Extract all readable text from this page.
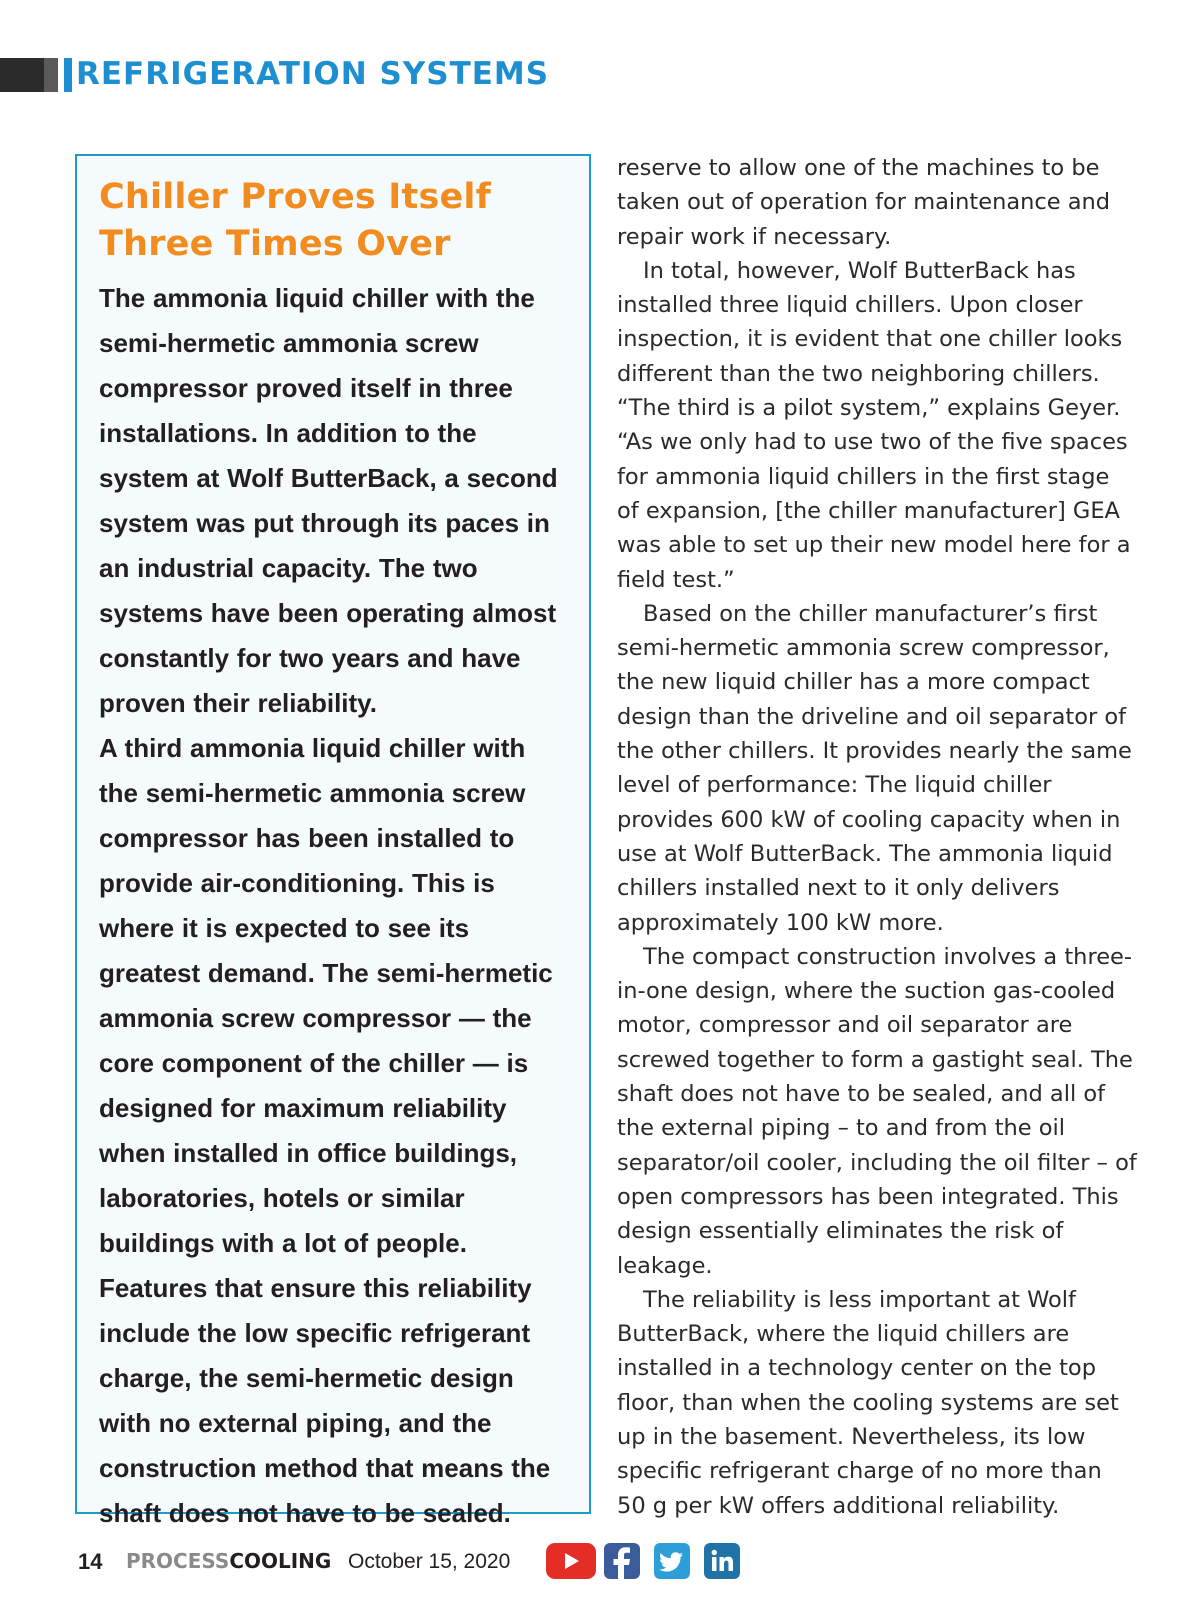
REFRIGERATION SYSTEMS
Chiller Proves Itself
Three Times Over

The ammonia liquid chiller with the semi-hermetic ammonia screw compressor proved itself in three installations. In addition to the system at Wolf ButterBack, a second system was put through its paces in an industrial capacity. The two systems have been operating almost constantly for two years and have proven their reliability.

A third ammonia liquid chiller with the semi-hermetic ammonia screw compressor has been installed to provide air-conditioning. This is where it is expected to see its greatest demand. The semi-hermetic ammonia screw compressor — the core component of the chiller — is designed for maximum reliability when installed in office buildings, laboratories, hotels or similar buildings with a lot of people.

Features that ensure this reliability include the low specific refrigerant charge, the semi-hermetic design with no external piping, and the construction method that means the shaft does not have to be sealed.

reserve to allow one of the machines to be taken out of operation for maintenance and repair work if necessary.

In total, however, Wolf ButterBack has installed three liquid chillers. Upon closer inspection, it is evident that one chiller looks different than the two neighboring chillers. “The third is a pilot system,” explains Geyer. “As we only had to use two of the five spaces for ammonia liquid chillers in the first stage of expansion, [the chiller manufacturer] GEA was able to set up their new model here for a field test.”

Based on the chiller manufacturer’s first semi-hermetic ammonia screw compressor, the new liquid chiller has a more compact design than the driveline and oil separator of the other chillers. It provides nearly the same level of performance: The liquid chiller provides 600 kW of cooling capacity when in use at Wolf ButterBack. The ammonia liquid chillers installed next to it only delivers approximately 100 kW more.

The compact construction involves a three-in-one design, where the suction gas-cooled motor, compressor and oil separator are screwed together to form a gastight seal. The shaft does not have to be sealed, and all of the external piping – to and from the oil separator/oil cooler, including the oil filter – of open compressors has been integrated. This design essentially eliminates the risk of leakage.

The reliability is less important at Wolf ButterBack, where the liquid chillers are installed in a technology center on the top floor, than when the cooling systems are set up in the basement. Nevertheless, its low specific refrigerant charge of no more than 50 g per kW offers additional reliability.

14 PROCESSCOOLING October 15, 2020
